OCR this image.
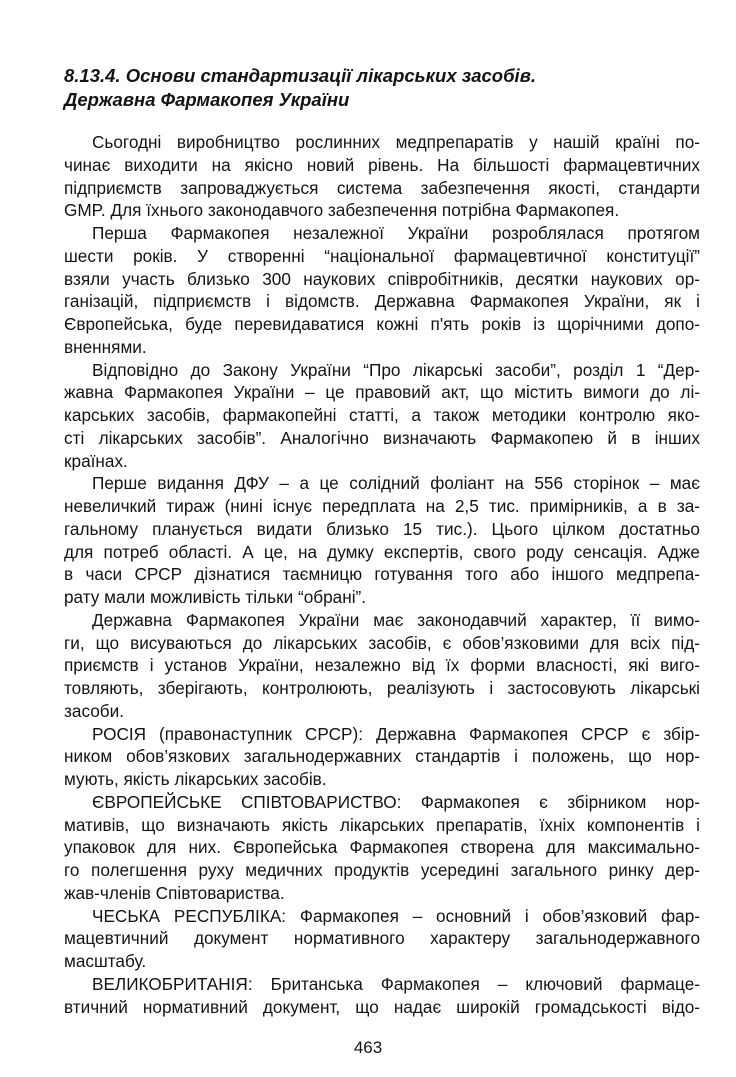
8.13.4. Основи стандартизації лікарських засобів.
Державна Фармакопея України
Сьогодні виробництво рослинних медпрепаратів у нашій країні по-
чинає виходити на якісно новий рівень. На більшості фармацевтичних
підприємств запроваджується система забезпечення якості, стандарти
GMP. Для їхнього законодавчого забезпечення потрібна Фармакопея.
Перша Фармакопея незалежної України розроблялася протягом
шести років. У створенні “національної фармацевтичної конституції”
взяли участь близько 300 наукових співробітників, десятки наукових ор-
ганізацій, підприємств і відомств. Державна Фармакопея України, як і
Європейська, буде перевидаватися кожні п'ять років із щорічними допо-
вненнями.
Відповідно до Закону України “Про лікарські засоби”, розділ 1 “Дер-
жавна Фармакопея України – це правовий акт, що містить вимоги до лі-
карських засобів, фармакопейні статті, а також методики контролю яко-
сті лікарських засобів”. Аналогічно визначають Фармакопею й в інших
країнах.
Перше видання ДФУ – а це солідний фоліант на 556 сторінок – має
невеличкий тираж (нині існує передплата на 2,5 тис. примірників, а в за-
гальному планується видати близько 15 тис.). Цього цілком достатньо
для потреб області. А це, на думку експертів, свого роду сенсація. Адже
в часи СРСР дізнатися таємницю готування того або іншого медпрепа-
рату мали можливість тільки “обрані”.
Державна Фармакопея України має законодавчий характер, її вимо-
ги, що висуваються до лікарських засобів, є обов’язковими для всіх під-
приємств і установ України, незалежно від їх форми власності, які виго-
товляють, зберігають, контролюють, реалізують і застосовують лікарські
засоби.
РОСІЯ (правонаступник СРСР): Державна Фармакопея СРСР є збір-
ником обов’язкових загальнодержавних стандартів і положень, що нор-
мують, якість лікарських засобів.
ЄВРОПЕЙСЬКЕ СПІВТОВАРИСТВО: Фармакопея є збірником нор-
мативів, що визначають якість лікарських препаратів, їхніх компонентів і
упаковок для них. Європейська Фармакопея створена для максимально-
го полегшення руху медичних продуктів усередині загального ринку дер-
жав-членів Співтовариства.
ЧЕСЬКА РЕСПУБЛІКА: Фармакопея – основний і обов’язковий фар-
мацевтичний документ нормативного характеру загальнодержавного
масштабу.
ВЕЛИКОБРИТАНІЯ: Британська Фармакопея – ключовий фармаце-
втичний нормативний документ, що надає широкій громадськості відо-
463
